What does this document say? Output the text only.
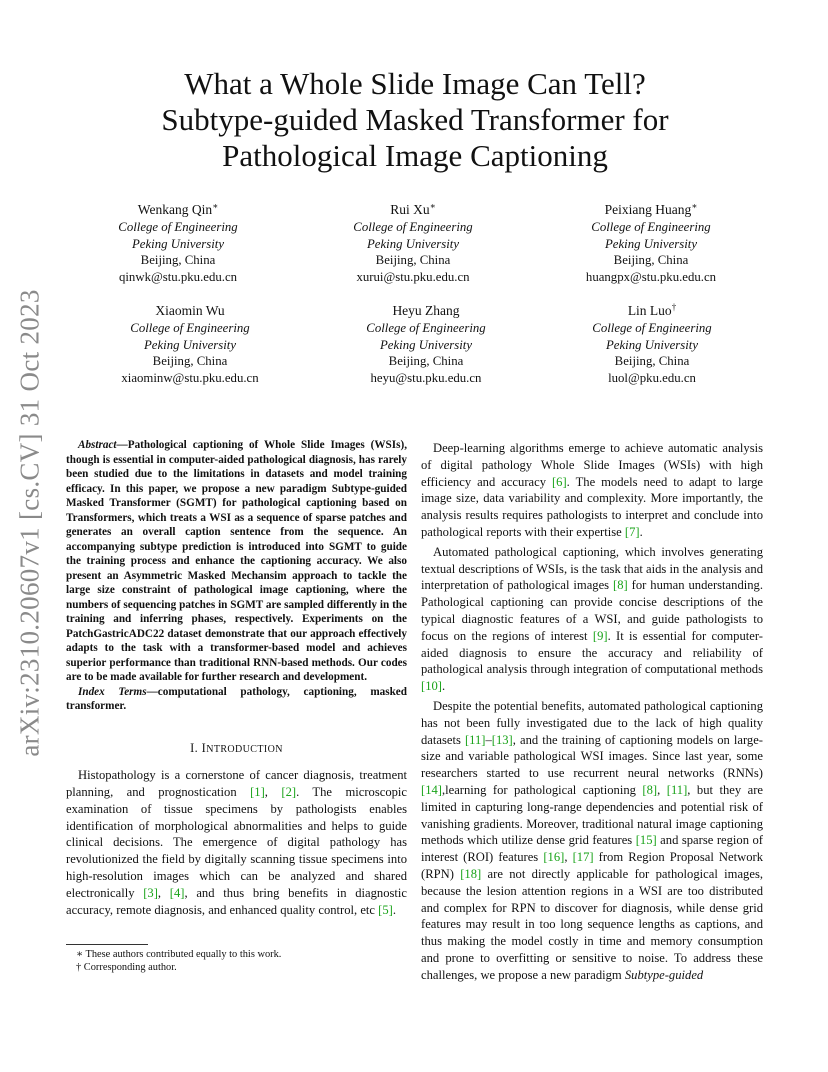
arXiv:2310.20607v1 [cs.CV] 31 Oct 2023
What a Whole Slide Image Can Tell?
Subtype-guided Masked Transformer for
Pathological Image Captioning
Wenkang Qin∗
College of Engineering
Peking University
Beijing, China
qinwk@stu.pku.edu.cn
Rui Xu∗
College of Engineering
Peking University
Beijing, China
xurui@stu.pku.edu.cn
Peixiang Huang∗
College of Engineering
Peking University
Beijing, China
huangpx@stu.pku.edu.cn
Xiaomin Wu
College of Engineering
Peking University
Beijing, China
xiaominw@stu.pku.edu.cn
Heyu Zhang
College of Engineering
Peking University
Beijing, China
heyu@stu.pku.edu.cn
Lin Luo†
College of Engineering
Peking University
Beijing, China
luol@pku.edu.cn

Abstract—Pathological captioning of Whole Slide Images (WSIs), though is essential in computer-aided pathological diagnosis, has rarely been studied due to the limitations in datasets and model training efficacy. In this paper, we propose a new paradigm Subtype-guided Masked Transformer (SGMT) for pathological captioning based on Transformers, which treats a WSI as a sequence of sparse patches and generates an overall caption sentence from the sequence. An accompanying subtype prediction is introduced into SGMT to guide the training process and enhance the captioning accuracy. We also present an Asymmetric Masked Mechansim approach to tackle the large size constraint of pathological image captioning, where the numbers of sequencing patches in SGMT are sampled differently in the training and inferring phases, respectively. Experiments on the PatchGastricADC22 dataset demonstrate that our approach effectively adapts to the task with a transformer-based model and achieves superior performance than traditional RNN-based methods. Our codes are to be made available for further research and development.

Index Terms—computational pathology, captioning, masked transformer.

I. INTRODUCTION

Histopathology is a cornerstone of cancer diagnosis, treatment planning, and prognostication [1], [2]. The microscopic examination of tissue specimens by pathologists enables identification of morphological abnormalities and helps to guide clinical decisions. The emergence of digital pathology has revolutionized the field by digitally scanning tissue specimens into high-resolution images which can be analyzed and shared electronically [3], [4], and thus bring benefits in diagnostic accuracy, remote diagnosis, and enhanced quality control, etc [5].

∗ These authors contributed equally to this work.
† Corresponding author.

Deep-learning algorithms emerge to achieve automatic analysis of digital pathology Whole Slide Images (WSIs) with high efficiency and accuracy [6]. The models need to adapt to large image size, data variability and complexity. More importantly, the analysis results requires pathologists to interpret and conclude into pathological reports with their expertise [7].

Automated pathological captioning, which involves generating textual descriptions of WSIs, is the task that aids in the analysis and interpretation of pathological images [8] for human understanding. Pathological captioning can provide concise descriptions of the typical diagnostic features of a WSI, and guide pathologists to focus on the regions of interest [9]. It is essential for computer-aided diagnosis to ensure the accuracy and reliability of pathological analysis through integration of computational methods [10].

Despite the potential benefits, automated pathological captioning has not been fully investigated due to the lack of high quality datasets [11]–[13], and the training of captioning models on large-size and variable pathological WSI images. Since last year, some researchers started to use recurrent neural networks (RNNs) [14],learning for pathological captioning [8], [11], but they are limited in capturing long-range dependencies and potential risk of vanishing gradients. Moreover, traditional natural image captioning methods which utilize dense grid features [15] and sparse region of interest (ROI) features [16], [17] from Region Proposal Network (RPN) [18] are not directly applicable for pathological images, because the lesion attention regions in a WSI are too distributed and complex for RPN to discover for diagnosis, while dense grid features may result in too long sequence lengths as captions, and thus making the model costly in time and memory consumption and prone to overfitting or sensitive to noise. To address these challenges, we propose a new paradigm Subtype-guided
